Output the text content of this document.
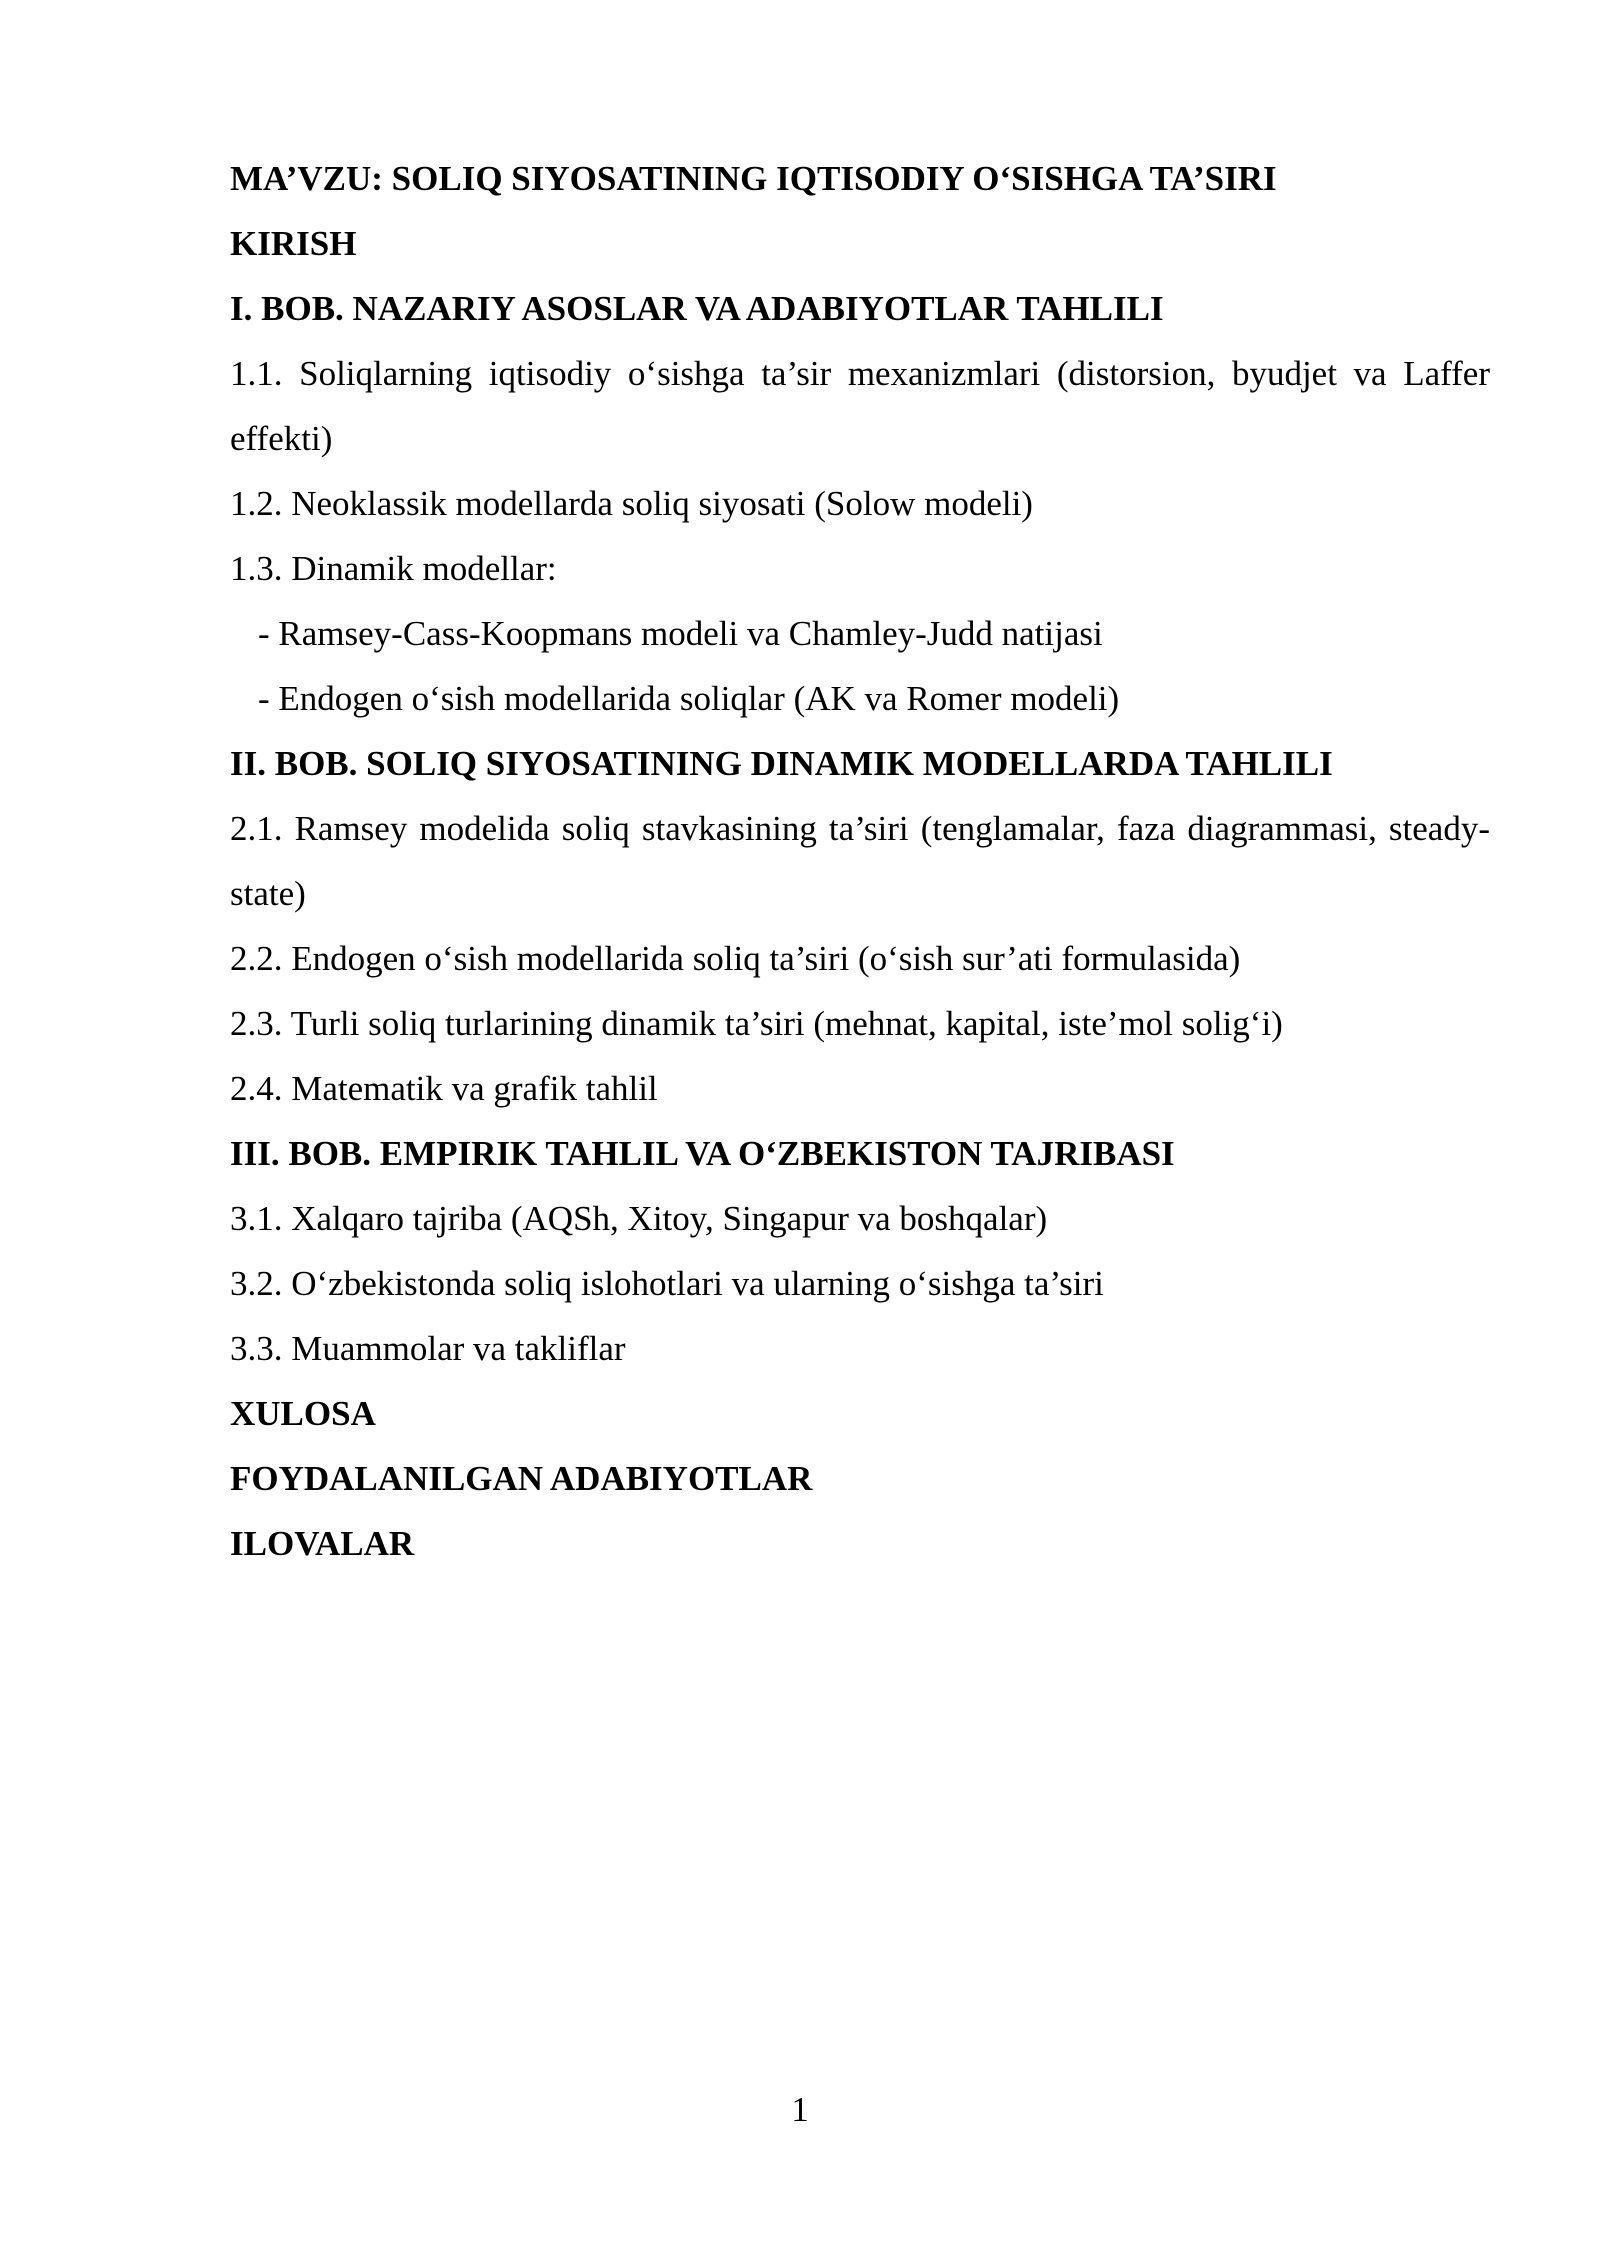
MA’VZU: SOLIQ SIYOSATINING IQTISODIY O‘SISHGA TA’SIRI
KIRISH
I. BOB. NAZARIY ASOSLAR VA ADABIYOTLAR TAHLILI
1.1. Soliqlarning iqtisodiy o‘sishga ta’sir mexanizmlari (distorsion, byudjet va Laffer effekti)
1.2. Neoklassik modellarda soliq siyosati (Solow modeli)
1.3. Dinamik modellar:
- Ramsey-Cass-Koopmans modeli va Chamley-Judd natijasi
- Endogen o‘sish modellarida soliqlar (AK va Romer modeli)
II. BOB. SOLIQ SIYOSATINING DINAMIK MODELLARDA TAHLILI
2.1. Ramsey modelida soliq stavkasining ta’siri (tenglamalar, faza diagrammasi, steady-state)
2.2. Endogen o‘sish modellarida soliq ta’siri (o‘sish sur’ati formulasida)
2.3. Turli soliq turlarining dinamik ta’siri (mehnat, kapital, iste’mol solig‘i)
2.4. Matematik va grafik tahlil
III. BOB. EMPIRIK TAHLIL VA O‘ZBEKISTON TAJRIBASI
3.1. Xalqaro tajriba (AQSh, Xitoy, Singapur va boshqalar)
3.2. O‘zbekistonda soliq islohotlari va ularning o‘sishga ta’siri
3.3. Muammolar va takliflar
XULOSA
FOYDALANILGAN ADABIYOTLAR
ILOVALAR
1
